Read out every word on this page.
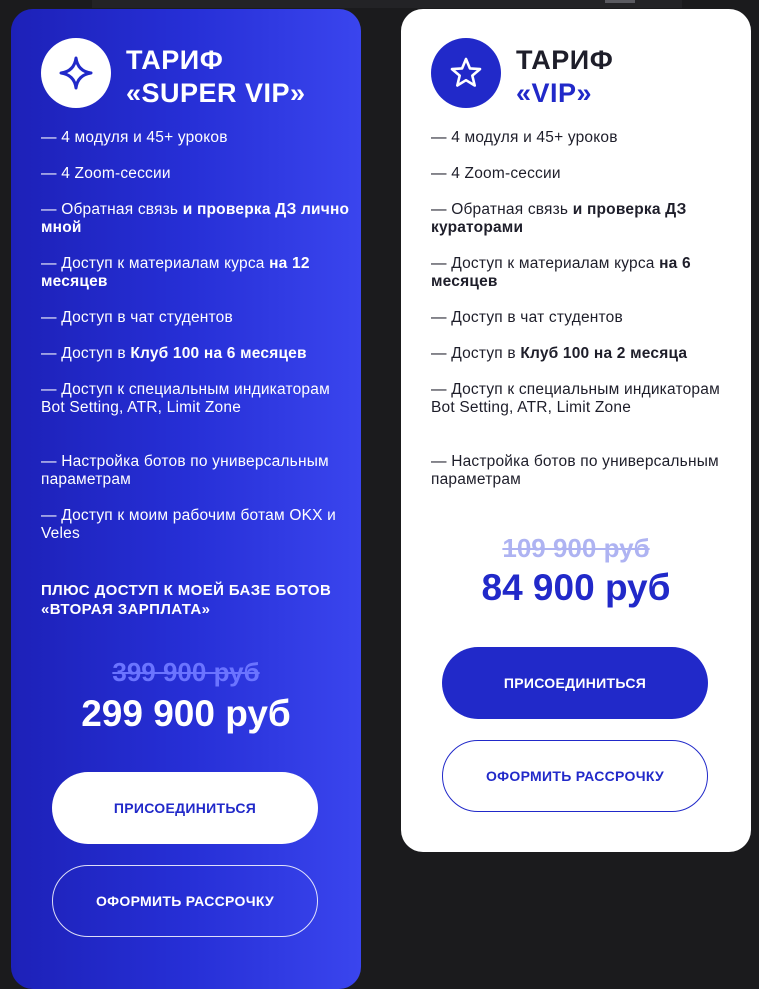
ТАРИФ
«SUPER VIP»
— 4 модуля и 45+ уроков
— 4 Zoom-сессии
— Обратная связь и проверка ДЗ лично мной
— Доступ к материалам курса на 12 месяцев
— Доступ в чат студентов
— Доступ в Клуб 100 на 6 месяцев
— Доступ к специальным индикаторам Bot Setting, ATR, Limit Zone
— Настройка ботов по универсальным параметрам
— Доступ к моим рабочим ботам OKX и Veles
ПЛЮС ДОСТУП К МОЕЙ БАЗЕ БОТОВ «ВТОРАЯ ЗАРПЛАТА»
399 900 руб
299 900 руб
ПРИСОЕДИНИТЬСЯ
ОФОРМИТЬ РАССРОЧКУ
ТАРИФ
«VIP»
— 4 модуля и 45+ уроков
— 4 Zoom-сессии
— Обратная связь и проверка ДЗ кураторами
— Доступ к материалам курса на 6 месяцев
— Доступ в чат студентов
— Доступ в Клуб 100 на 2 месяца
— Доступ к специальным индикаторам Bot Setting, ATR, Limit Zone
— Настройка ботов по универсальным параметрам
109 900 руб
84 900 руб
ПРИСОЕДИНИТЬСЯ
ОФОРМИТЬ РАССРОЧКУ
